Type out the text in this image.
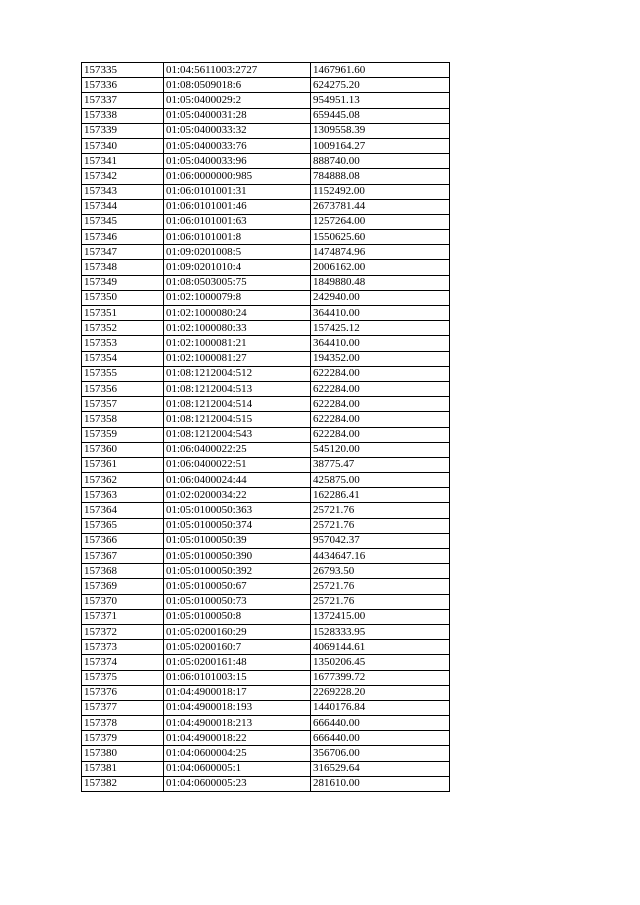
157335	01:04:5611003:2727	1467961.60
157336	01:08:0509018:6	624275.20
157337	01:05:0400029:2	954951.13
157338	01:05:0400031:28	659445.08
157339	01:05:0400033:32	1309558.39
157340	01:05:0400033:76	1009164.27
157341	01:05:0400033:96	888740.00
157342	01:06:0000000:985	784888.08
157343	01:06:0101001:31	1152492.00
157344	01:06:0101001:46	2673781.44
157345	01:06:0101001:63	1257264.00
157346	01:06:0101001:8	1550625.60
157347	01:09:0201008:5	1474874.96
157348	01:09:0201010:4	2006162.00
157349	01:08:0503005:75	1849880.48
157350	01:02:1000079:8	242940.00
157351	01:02:1000080:24	364410.00
157352	01:02:1000080:33	157425.12
157353	01:02:1000081:21	364410.00
157354	01:02:1000081:27	194352.00
157355	01:08:1212004:512	622284.00
157356	01:08:1212004:513	622284.00
157357	01:08:1212004:514	622284.00
157358	01:08:1212004:515	622284.00
157359	01:08:1212004:543	622284.00
157360	01:06:0400022:25	545120.00
157361	01:06:0400022:51	38775.47
157362	01:06:0400024:44	425875.00
157363	01:02:0200034:22	162286.41
157364	01:05:0100050:363	25721.76
157365	01:05:0100050:374	25721.76
157366	01:05:0100050:39	957042.37
157367	01:05:0100050:390	4434647.16
157368	01:05:0100050:392	26793.50
157369	01:05:0100050:67	25721.76
157370	01:05:0100050:73	25721.76
157371	01:05:0100050:8	1372415.00
157372	01:05:0200160:29	1528333.95
157373	01:05:0200160:7	4069144.61
157374	01:05:0200161:48	1350206.45
157375	01:06:0101003:15	1677399.72
157376	01:04:4900018:17	2269228.20
157377	01:04:4900018:193	1440176.84
157378	01:04:4900018:213	666440.00
157379	01:04:4900018:22	666440.00
157380	01:04:0600004:25	356706.00
157381	01:04:0600005:1	316529.64
157382	01:04:0600005:23	281610.00
